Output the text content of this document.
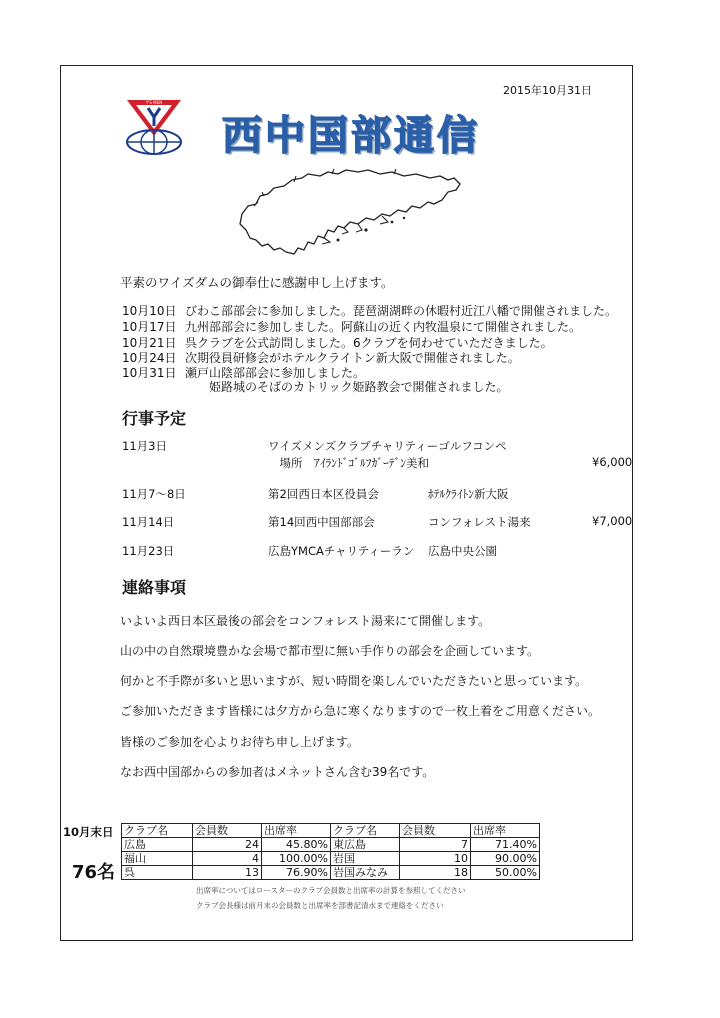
2015年10月31日
Y'S MEN
西中国部通信
平素のワイズダムの御奉仕に感謝申し上げます。
10月10日 びわこ部部会に参加しました。琵琶湖湖畔の休暇村近江八幡で開催されました。
10月17日 九州部部会に参加しました。阿蘇山の近く内牧温泉にて開催されました。
10月21日 呉クラブを公式訪問しました。6クラブを伺わせていただきました。
10月24日 次期役員研修会がホテルクライトン新大阪で開催されました。
10月31日 瀬戸山陰部部会に参加しました。
　　姫路城のそばのカトリック姫路教会で開催されました。
行事予定
11月3日	ワイズメンズクラブチャリティーゴルフコンペ
　場所　ｱｲﾗﾝﾄﾞｺﾞﾙﾌｶﾞｰﾃﾞﾝ美和	¥6,000
11月7～8日	第2回西日本区役員会	ﾎﾃﾙｸﾗｲﾄﾝ新大阪
11月14日	第14回西中国部部会	コンフォレスト湯来	¥7,000
11月23日	広島YMCAチャリティーラン 広島中央公園
連絡事項
いよいよ西日本区最後の部会をコンフォレスト湯来にて開催します。
山の中の自然環境豊かな会場で都市型に無い手作りの部会を企画しています。
何かと不手際が多いと思いますが、短い時間を楽しんでいただきたいと思っています。
ご参加いただきます皆様には夕方から急に寒くなりますので一枚上着をご用意ください。
皆様のご参加を心よりお待ち申し上げます。
なお西中国部からの参加者はメネットさん含む39名です。
10月末日
76名
クラブ名	会員数	出席率	クラブ名	会員数	出席率
広島	24	45.80%	東広島	7	71.40%
福山	4	100.00%	岩国	10	90.00%
呉	13	76.90%	岩国みなみ	18	50.00%
出席率についてはロースターのクラブ会員数と出席率の計算を参照してください
クラブ会長様は前月末の会員数と出席率を部書記清水まで連絡をください
